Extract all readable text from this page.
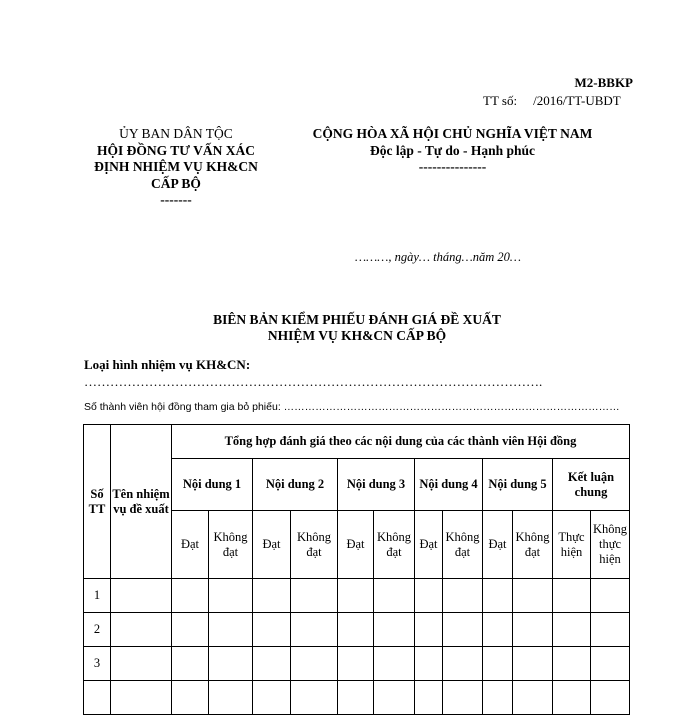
M2-BBKP
TT số: /2016/TT-UBDT
ỦY BAN DÂN TỘC
HỘI ĐỒNG TƯ VẤN XÁC ĐỊNH NHIỆM VỤ KH&CN CẤP BỘ
-------
CỘNG HÒA XÃ HỘI CHỦ NGHĨA VIỆT NAM
Độc lập - Tự do - Hạnh phúc
---------------
………, ngày… tháng…năm 20…
BIÊN BẢN KIỂM PHIẾU ĐÁNH GIÁ ĐỀ XUẤT
NHIỆM VỤ KH&CN CẤP BỘ
Loại hình nhiệm vụ KH&CN:
…………………………………………………………………………………………….
Số thành viên hội đồng tham gia bỏ phiếu: ……………………………………………………………………………………
Số TT	Tên nhiệm vụ đề xuất	Tổng hợp đánh giá theo các nội dung của các thành viên Hội đồng											
		Nội dung 1		Nội dung 2		Nội dung 3		Nội dung 4		Nội dung 5		Kết luận chung	
		Đạt	Không đạt	Đạt	Không đạt	Đạt	Không đạt	Đạt	Không đạt	Đạt	Không đạt	Thực hiện	Không thực hiện
1													
2													
3													
